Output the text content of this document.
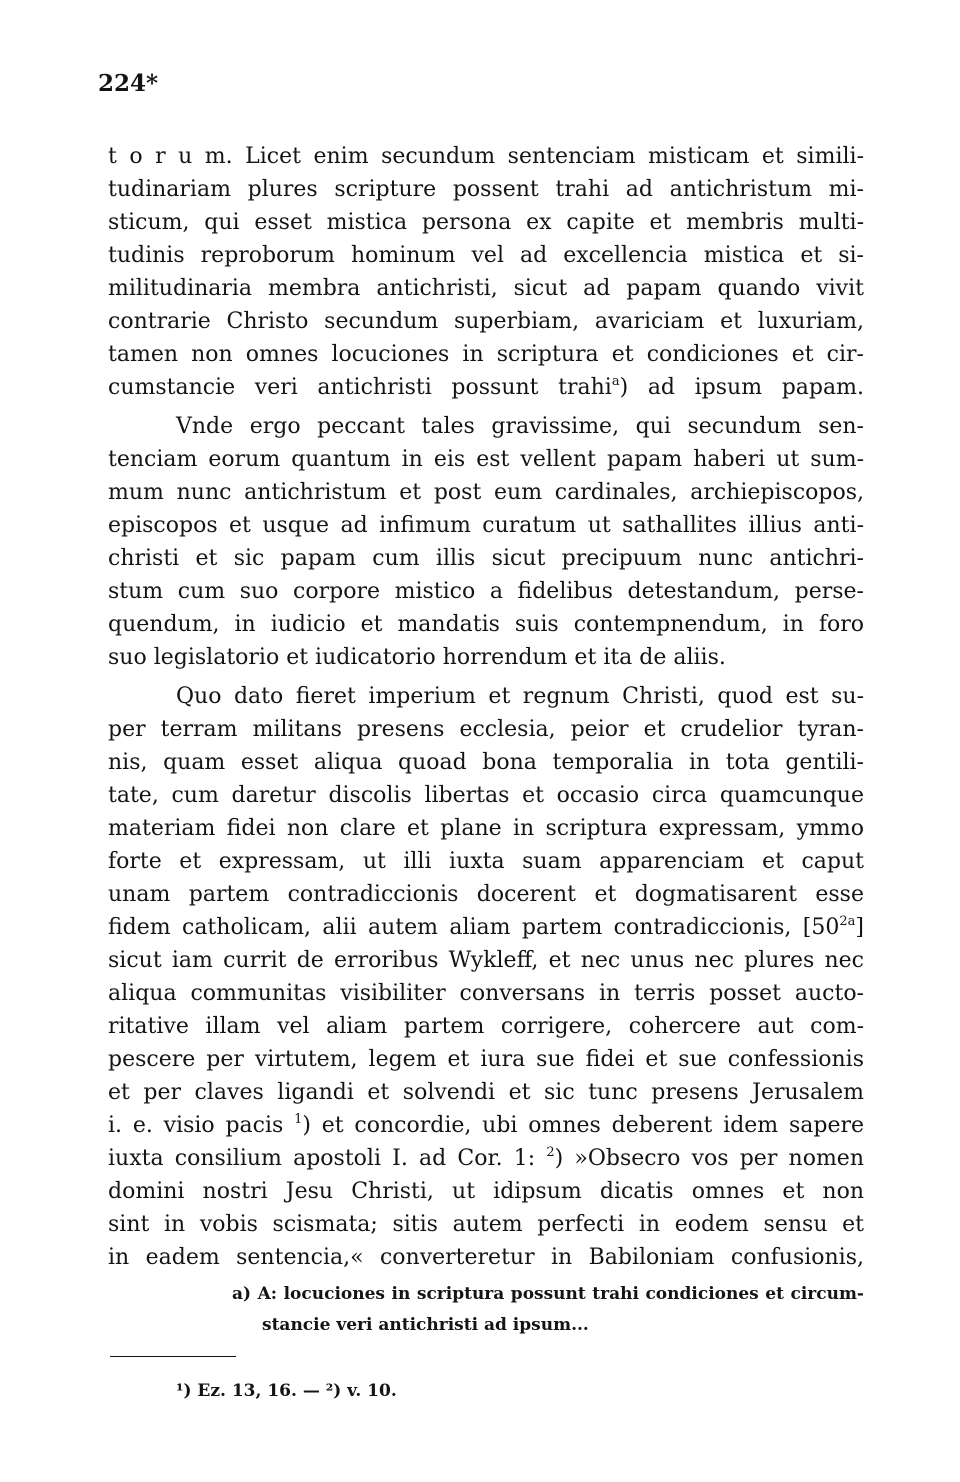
224*
t o r u m. Licet enim secundum sentenciam misticam et simili-
tudinariam plures scripture possent trahi ad antichristum mi-
sticum, qui esset mistica persona ex capite et membris multi-
tudinis reproborum hominum vel ad excellencia mistica et si-
militudinaria membra antichristi, sicut ad papam quando vivit
contrarie Christo secundum superbiam, avariciam et luxuriam,
tamen non omnes locuciones in scriptura et condiciones et cir-
cumstancie veri antichristi possunt trahi$^a$) ad ipsum papam.
Vnde ergo peccant tales gravissime, qui secundum sen-
tenciam eorum quantum in eis est vellent papam haberi ut sum-
mum nunc antichristum et post eum cardinales, archiepiscopos,
episcopos et usque ad infimum curatum ut sathallites illius anti-
christi et sic papam cum illis sicut precipuum nunc antichri-
stum cum suo corpore mistico a fidelibus detestandum, perse-
quendum, in iudicio et mandatis suis contempnendum, in foro
suo legislatorio et iudicatorio horrendum et ita de aliis.
Quo dato fieret imperium et regnum Christi, quod est su-
per terram militans presens ecclesia, peior et crudelior tyran-
nis, quam esset aliqua quoad bona temporalia in tota gentili-
tate, cum daretur discolis libertas et occasio circa quamcunque
materiam fidei non clare et plane in scriptura expressam, ymmo
forte et expressam, ut illi iuxta suam apparenciam et caput
unam partem contradiccionis docerent et dogmatisarent esse
fidem catholicam, alii autem aliam partem contradiccionis, $[50^{2a}]$
sicut iam currit de erroribus Wykleff, et nec unus nec plures nec
aliqua communitas visibiliter conversans in terris posset aucto-
ritative illam vel aliam partem corrigere, cohercere aut com-
pescere per virtutem, legem et iura sue fidei et sue confessionis
et per claves ligandi et solvendi et sic tunc presens Jerusalem
i. e. visio pacis $^1$) et concordie, ubi omnes deberent idem sapere
iuxta consilium apostoli I. ad Cor. 1: $^2$) »Obsecro vos per nomen
domini nostri Jesu Christi, ut idipsum dicatis omnes et non
sint in vobis scismata; sitis autem perfecti in eodem sensu et
in eadem sentencia,« converteretur in Babiloniam confusionis,
a) A: locuciones in scriptura possunt trahi condiciones et circum-
stancie veri antichristi ad ipsum...
¹) Ez. 13, 16. — ²) v. 10.
